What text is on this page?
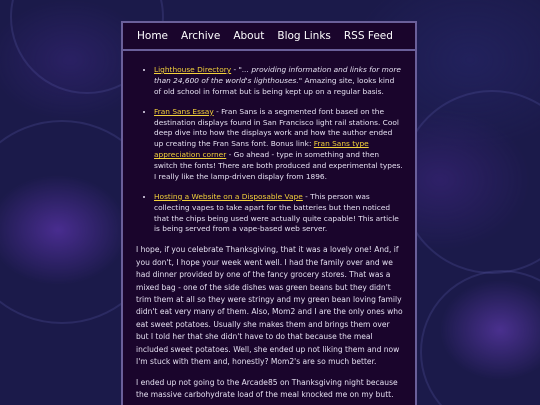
Home Archive About Blog Links RSS Feed
• Lighthouse Directory - "... providing information and links for more than 24,600 of the world's lighthouses." Amazing site, looks kind of old school in format but is being kept up on a regular basis.
• Fran Sans Essay - Fran Sans is a segmented font based on the destination displays found in San Francisco light rail stations. Cool deep dive into how the displays work and how the author ended up creating the Fran Sans font. Bonus link: Fran Sans type appreciation corner - Go ahead - type in something and then switch the fonts! There are both produced and experimental types. I really like the lamp-driven display from 1896.
• Hosting a Website on a Disposable Vape - This person was collecting vapes to take apart for the batteries but then noticed that the chips being used were actually quite capable! This article is being served from a vape-based web server.

I hope, if you celebrate Thanksgiving, that it was a lovely one! And, if you don't, I hope your week went well. I had the family over and we had dinner provided by one of the fancy grocery stores. That was a mixed bag - one of the side dishes was green beans but they didn't trim them at all so they were stringy and my green bean loving family didn't eat very many of them. Also, Mom2 and I are the only ones who eat sweet potatoes. Usually she makes them and brings them over but I told her that she didn't have to do that because the meal included sweet potatoes. Well, she ended up not liking them and now I'm stuck with them and, honestly? Mom2's are so much better.

I ended up not going to the Arcade85 on Thanksgiving night because the massive carbohydrate load of the meal knocked me on my butt.
